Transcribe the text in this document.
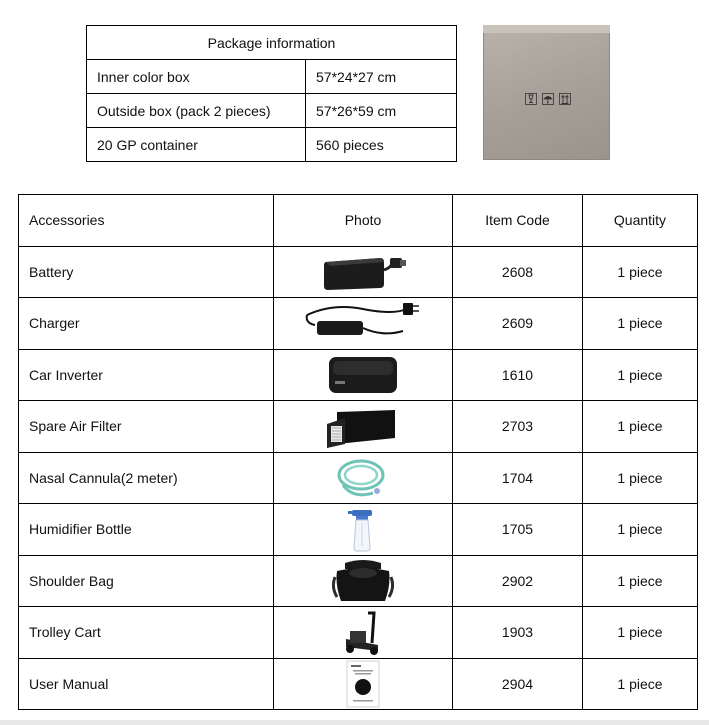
Package information	
Inner color box	57*24*27 cm
Outside box (pack 2 pieces)	57*26*59 cm
20 GP container	560 pieces
Accessories	Photo	Item Code	Quantity
Battery		2608	1 piece
Charger		2609	1 piece
Car Inverter		1610	1 piece
Spare Air Filter		2703	1 piece
Nasal Cannula(2 meter)		1704	1 piece
Humidifier Bottle		1705	1 piece
Shoulder Bag		2902	1 piece
Trolley Cart		1903	1 piece
User Manual		2904	1 piece
